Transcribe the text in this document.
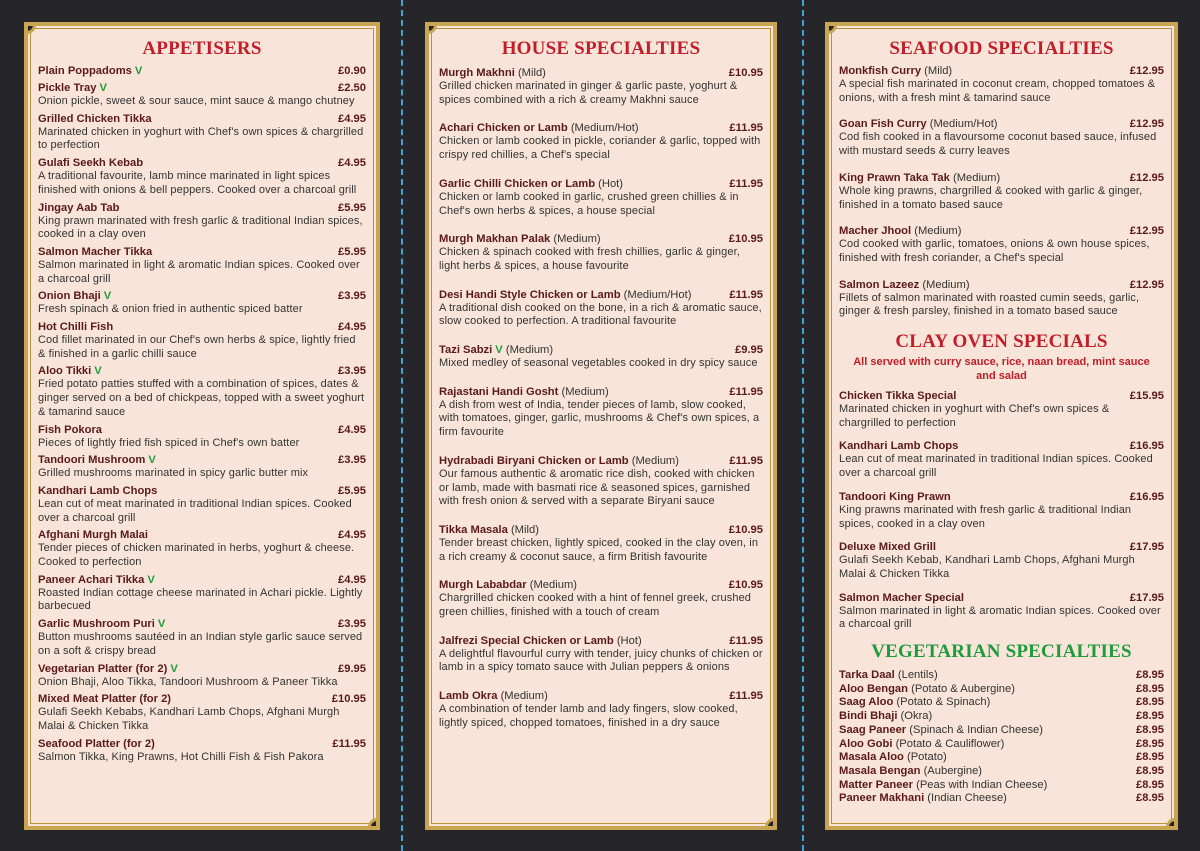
APPETISERS
Plain Poppadoms V	£0.90
Pickle Tray V	£2.50
Onion pickle, sweet & sour sauce, mint sauce & mango chutney
Grilled Chicken Tikka	£4.95
Marinated chicken in yoghurt with Chef's own spices & chargrilled to perfection
Gulafi Seekh Kebab	£4.95
A traditional favourite, lamb mince marinated in light spices finished with onions & bell peppers. Cooked over a charcoal grill
Jingay Aab Tab	£5.95
King prawn marinated with fresh garlic & traditional Indian spices, cooked in a clay oven
Salmon Macher Tikka	£5.95
Salmon marinated in light & aromatic Indian spices. Cooked over a charcoal grill
Onion Bhaji V	£3.95
Fresh spinach & onion fried in authentic spiced batter
Hot Chilli Fish	£4.95
Cod fillet marinated in our Chef's own herbs & spice, lightly fried & finished in a garlic chilli sauce
Aloo Tikki V	£3.95
Fried potato patties stuffed with a combination of spices, dates & ginger served on a bed of chickpeas, topped with a sweet yoghurt & tamarind sauce
Fish Pokora	£4.95
Pieces of lightly fried fish spiced in Chef's own batter
Tandoori Mushroom V	£3.95
Grilled mushrooms marinated in spicy garlic butter mix
Kandhari Lamb Chops	£5.95
Lean cut of meat marinated in traditional Indian spices. Cooked over a charcoal grill
Afghani Murgh Malai	£4.95
Tender pieces of chicken marinated in herbs, yoghurt & cheese. Cooked to perfection
Paneer Achari Tikka V	£4.95
Roasted Indian cottage cheese marinated in Achari pickle. Lightly barbecued
Garlic Mushroom Puri V	£3.95
Button mushrooms sautéed in an Indian style garlic sauce served on a soft & crispy bread
Vegetarian Platter (for 2) V	£9.95
Onion Bhaji, Aloo Tikka, Tandoori Mushroom & Paneer Tikka
Mixed Meat Platter (for 2)	£10.95
Gulafi Seekh Kebabs, Kandhari Lamb Chops, Afghani Murgh Malai & Chicken Tikka
Seafood Platter (for 2)	£11.95
Salmon Tikka, King Prawns, Hot Chilli Fish & Fish Pakora
HOUSE SPECIALTIES
Murgh Makhni (Mild)	£10.95
Grilled chicken marinated in ginger & garlic paste, yoghurt & spices combined with a rich & creamy Makhni sauce
Achari Chicken or Lamb (Medium/Hot)	£11.95
Chicken or lamb cooked in pickle, coriander & garlic, topped with crispy red chillies, a Chef's special
Garlic Chilli Chicken or Lamb (Hot)	£11.95
Chicken or lamb cooked in garlic, crushed green chillies & in Chef's own herbs & spices, a house special
Murgh Makhan Palak (Medium)	£10.95
Chicken & spinach cooked with fresh chillies, garlic & ginger, light herbs & spices, a house favourite
Desi Handi Style Chicken or Lamb (Medium/Hot)	£11.95
A traditional dish cooked on the bone, in a rich & aromatic sauce, slow cooked to perfection. A traditional favourite
Tazi Sabzi V (Medium)	£9.95
Mixed medley of seasonal vegetables cooked in dry spicy sauce
Rajastani Handi Gosht (Medium)	£11.95
A dish from west of India, tender pieces of lamb, slow cooked, with tomatoes, ginger, garlic, mushrooms & Chef's own spices, a firm favourite
Hydrabadi Biryani Chicken or Lamb (Medium)	£11.95
Our famous authentic & aromatic rice dish, cooked with chicken or lamb, made with basmati rice & seasoned spices, garnished with fresh onion & served with a separate Biryani sauce
Tikka Masala (Mild)	£10.95
Tender breast chicken, lightly spiced, cooked in the clay oven, in a rich creamy & coconut sauce, a firm British favourite
Murgh Lababdar (Medium)	£10.95
Chargrilled chicken cooked with a hint of fennel greek, crushed green chillies, finished with a touch of cream
Jalfrezi Special Chicken or Lamb (Hot)	£11.95
A delightful flavourful curry with tender, juicy chunks of chicken or lamb in a spicy tomato sauce with Julian peppers & onions
Lamb Okra (Medium)	£11.95
A combination of tender lamb and lady fingers, slow cooked, lightly spiced, chopped tomatoes, finished in a dry sauce
SEAFOOD SPECIALTIES
Monkfish Curry (Mild)	£12.95
A special fish marinated in coconut cream, chopped tomatoes & onions, with a fresh mint & tamarind sauce
Goan Fish Curry (Medium/Hot)	£12.95
Cod fish cooked in a flavoursome coconut based sauce, infused with mustard seeds & curry leaves
King Prawn Taka Tak (Medium)	£12.95
Whole king prawns, chargrilled & cooked with garlic & ginger, finished in a tomato based sauce
Macher Jhool (Medium)	£12.95
Cod cooked with garlic, tomatoes, onions & own house spices, finished with fresh coriander, a Chef's special
Salmon Lazeez (Medium)	£12.95
Fillets of salmon marinated with roasted cumin seeds, garlic, ginger & fresh parsley, finished in a tomato based sauce
CLAY OVEN SPECIALS
All served with curry sauce, rice, naan bread, mint sauce and salad
Chicken Tikka Special	£15.95
Marinated chicken in yoghurt with Chef's own spices & chargrilled to perfection
Kandhari Lamb Chops	£16.95
Lean cut of meat marinated in traditional Indian spices. Cooked over a charcoal grill
Tandoori King Prawn	£16.95
King prawns marinated with fresh garlic & traditional Indian spices, cooked in a clay oven
Deluxe Mixed Grill	£17.95
Gulafi Seekh Kebab, Kandhari Lamb Chops, Afghani Murgh Malai & Chicken Tikka
Salmon Macher Special	£17.95
Salmon marinated in light & aromatic Indian spices. Cooked over a charcoal grill
VEGETARIAN SPECIALTIES
Tarka Daal (Lentils)	£8.95
Aloo Bengan (Potato & Aubergine)	£8.95
Saag Aloo (Potato & Spinach)	£8.95
Bindi Bhaji (Okra)	£8.95
Saag Paneer (Spinach & Indian Cheese)	£8.95
Aloo Gobi (Potato & Cauliflower)	£8.95
Masala Aloo (Potato)	£8.95
Masala Bengan (Aubergine)	£8.95
Matter Paneer (Peas with Indian Cheese)	£8.95
Paneer Makhani (Indian Cheese)	£8.95
